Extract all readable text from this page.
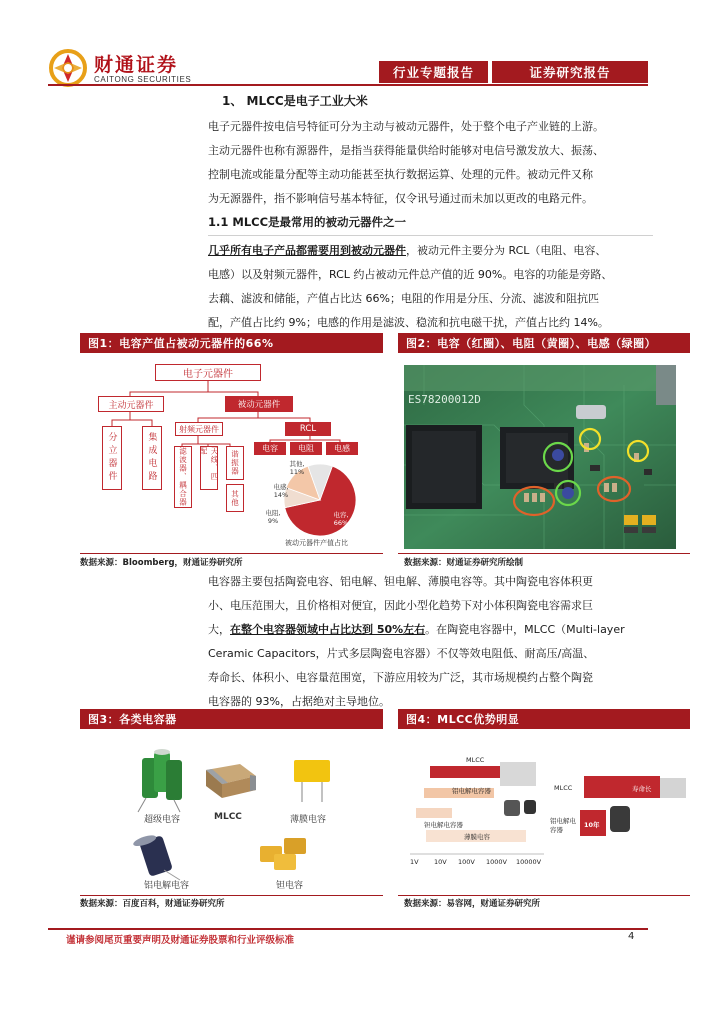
财通证券
CAITONG SECURITIES	行业专题报告	证券研究报告
1、 MLCC是电子工业大米
电子元器件按电信号特征可分为主动与被动元器件，处于整个电子产业链的上游。
主动元器件也称有源器件，是指当获得能量供给时能够对电信号激发放大、振荡、
控制电流或能量分配等主动功能甚至执行数据运算、处理的元件。被动元件又称
为无源器件，指不影响信号基本特征，仅令讯号通过而未加以更改的电路元件。
1.1 MLCC是最常用的被动元器件之一
几乎所有电子产品都需要用到被动元器件，被动元件主要分为 RCL（电阻、电容、
电感）以及射频元器件，RCL 约占被动元件总产值的近 90%。电容的功能是旁路、
去藕、滤波和储能，产值占比达 66%；电阻的作用是分压、分流、滤波和阻抗匹
配，产值占比约 9%；电感的作用是滤波、稳流和抗电磁干扰，产值占比约 14%。
图1：电容产值占被动元器件的66%	图2：电容（红圈）、电阻（黄圈）、电感（绿圈）
电子元器件
主动元器件	被动元器件
分立器件	集成电路
射频元器件
滤波器、耦合器	天线、匹配	谐振器
其他
RCL
电容	电阻	电感
其他, 11%
电感, 14%
电阻, 9%
电容, 66%
被动元器件产值占比
ES78200012D
数据来源：Bloomberg，财通证券研究所	数据来源：财通证券研究所绘制
电容器主要包括陶瓷电容、铝电解、钽电解、薄膜电容等。其中陶瓷电容体积更
小、电压范围大，且价格相对便宜，因此小型化趋势下对小体积陶瓷电容需求巨
大，在整个电容器领域中占比达到 50%左右。在陶瓷电容器中，MLCC（Multi-layer
Ceramic Capacitors，片式多层陶瓷电容器）不仅等效电阻低、耐高压/高温、
寿命长、体积小、电容量范围宽，下游应用较为广泛，其市场规模约占整个陶瓷
电容器的 93%，占据绝对主导地位。
图3：各类电容器	图4：MLCC优势明显
超级电容	MLCC	薄膜电容
铝电解电容	钽电容
MLCC
铝电解电容器
钽电解电容器
薄膜电容
1V 10V 100V 1000V 10000V
MLCC
铝电解电容器
寿命长
10年
数据来源：百度百科，财通证券研究所	数据来源：易容网，财通证券研究所
谨请参阅尾页重要声明及财通证券股票和行业评级标准	4
